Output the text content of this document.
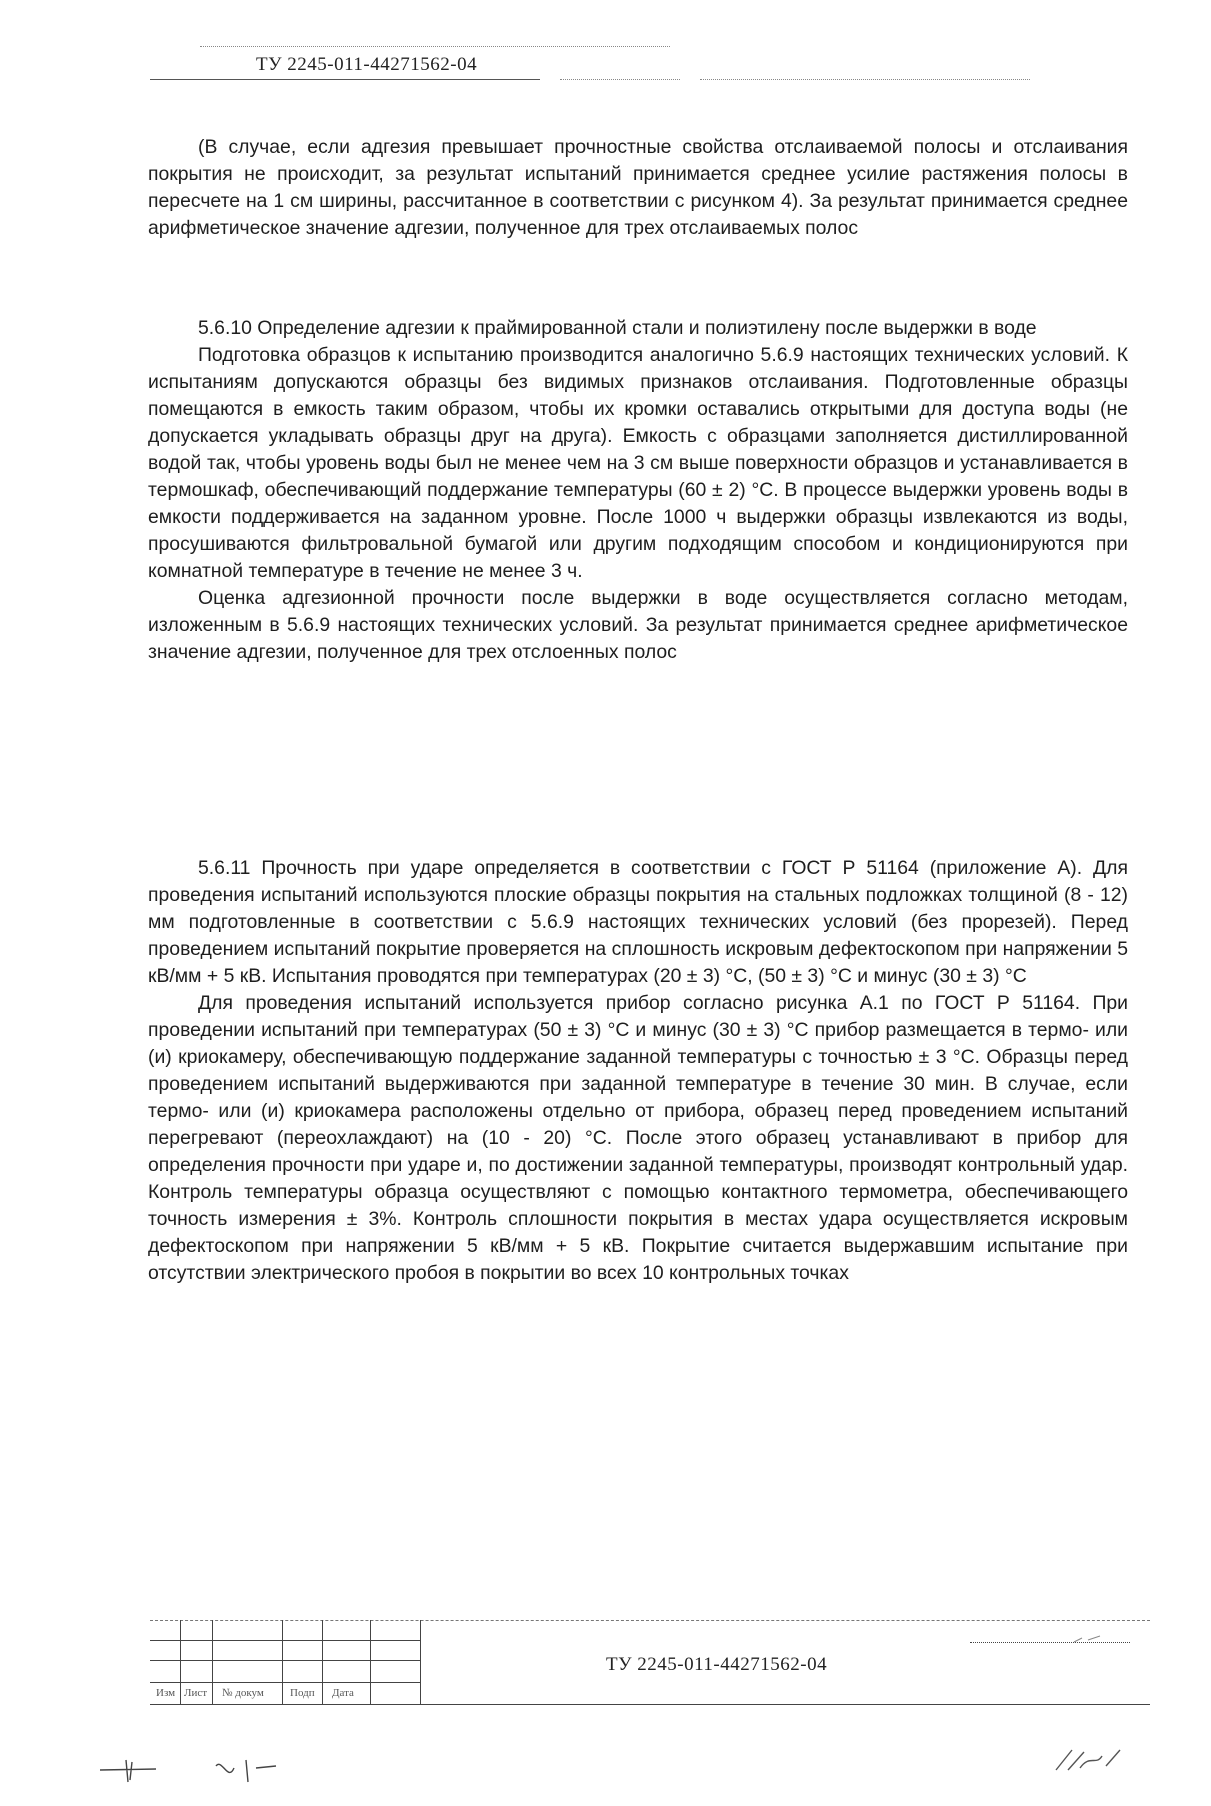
ТУ 2245-011-44271562-04

(В случае, если адгезия превышает прочностные свойства отслаиваемой полосы и отслаивания покрытия не происходит, за результат испытаний принимается среднее усилие растяжения полосы в пересчете на 1 см ширины, рассчитанное в соответствии с рисунком 4). За результат принимается среднее арифметическое значение адгезии, полученное для трех отслаиваемых полос

5.6.10 Определение адгезии к праймированной стали и полиэтилену после выдержки в воде

Подготовка образцов к испытанию производится аналогично 5.6.9 настоящих технических условий. К испытаниям допускаются образцы без видимых признаков отслаивания. Подготовленные образцы помещаются в емкость таким образом, чтобы их кромки оставались открытыми для доступа воды (не допускается укладывать образцы друг на друга). Емкость с образцами заполняется дистиллированной водой так, чтобы уровень воды был не менее чем на 3 см выше поверхности образцов и устанавливается в термошкаф, обеспечивающий поддержание температуры (60 ± 2) °C. В процессе выдержки уровень воды в емкости поддерживается на заданном уровне. После 1000 ч выдержки образцы извлекаются из воды, просушиваются фильтровальной бумагой или другим подходящим способом и кондиционируются при комнатной температуре в течение не менее 3 ч.

Оценка адгезионной прочности после выдержки в воде осуществляется согласно методам, изложенным в 5.6.9 настоящих технических условий. За результат принимается среднее арифметическое значение адгезии, полученное для трех отслоенных полос

5.6.11 Прочность при ударе определяется в соответствии с ГОСТ Р 51164 (приложение А). Для проведения испытаний используются плоские образцы покрытия на стальных подложках толщиной (8 - 12) мм подготовленные в соответствии с 5.6.9 настоящих технических условий (без прорезей). Перед проведением испытаний покрытие проверяется на сплошность искровым дефектоскопом при напряжении 5 кВ/мм + 5 кВ. Испытания проводятся при температурах (20 ± 3) °C, (50 ± 3) °C и минус (30 ± 3) °C

Для проведения испытаний используется прибор согласно рисунка А.1 по ГОСТ Р 51164. При проведении испытаний при температурах (50 ± 3) °C и минус (30 ± 3) °C прибор размещается в термо- или (и) криокамеру, обеспечивающую поддержание заданной температуры с точностью ± 3 °C. Образцы перед проведением испытаний выдерживаются при заданной температуре в течение 30 мин. В случае, если термо- или (и) криокамера расположены отдельно от прибора, образец перед проведением испытаний перегревают (переохлаждают) на (10 - 20) °C. После этого образец устанавливают в прибор для определения прочности при ударе и, по достижении заданной температуры, производят контрольный удар. Контроль температуры образца осуществляют с помощью контактного термометра, обеспечивающего точность измерения ± 3%. Контроль сплошности покрытия в местах удара осуществляется искровым дефектоскопом при напряжении 5 кВ/мм + 5 кВ. Покрытие считается выдержавшим испытание при отсутствии электрического пробоя в покрытии во всех 10 контрольных точках

Изм Лист № докум Подп Дата
ТУ 2245-011-44271562-04
